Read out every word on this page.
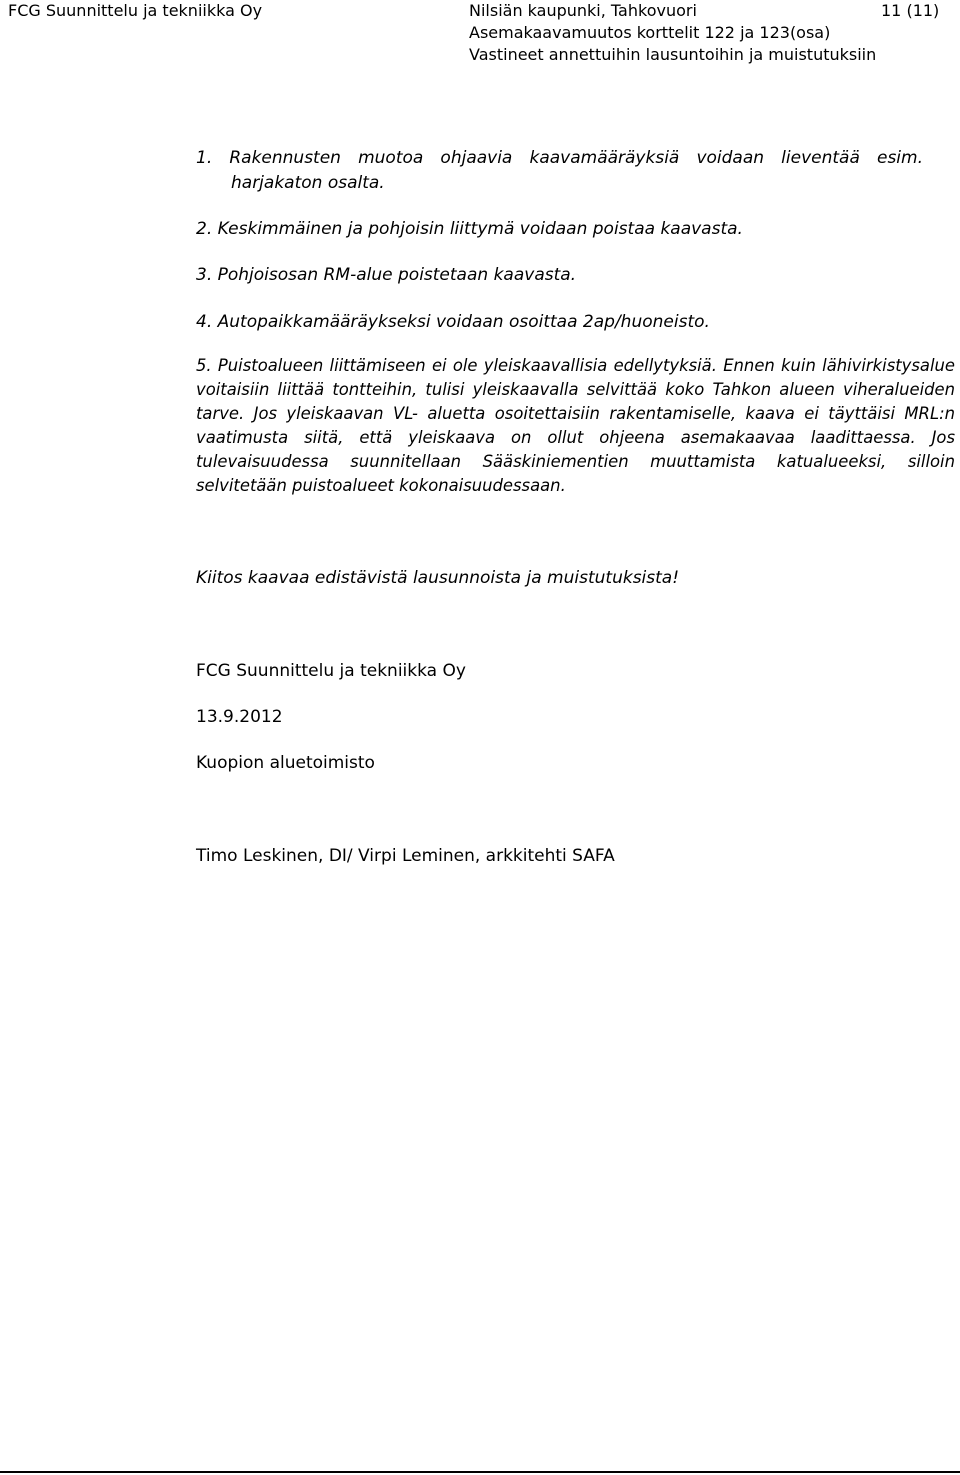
FCG Suunnittelu ja tekniikka Oy	Nilsiän kaupunki, Tahkovuori	11 (11)
Asemakaavamuutos korttelit 122 ja 123(osa)
Vastineet annettuihin lausuntoihin ja muistutuksiin
1. Rakennusten muotoa ohjaavia kaavamääräyksiä voidaan lieventää esim.
harjakaton osalta.
2. Keskimmäinen ja pohjoisin liittymä voidaan poistaa kaavasta.
3. Pohjoisosan RM-alue poistetaan kaavasta.
4. Autopaikkamääräykseksi voidaan osoittaa 2ap/huoneisto.
5. Puistoalueen liittämiseen ei ole yleiskaavallisia edellytyksiä. Ennen kuin lähivirkistysalue voitaisiin liittää tontteihin, tulisi yleiskaavalla selvittää koko Tahkon alueen viheralueiden tarve. Jos yleiskaavan VL- aluetta osoitettaisiin rakentamiselle, kaava ei täyttäisi MRL:n vaatimusta siitä, että yleiskaava on ollut ohjeena asemakaavaa laadittaessa. Jos tulevaisuudessa suunnitellaan Sääskiniementien muuttamista katualueeksi, silloin selvitetään puistoalueet kokonaisuudessaan.
Kiitos kaavaa edistävistä lausunnoista ja muistutuksista!
FCG Suunnittelu ja tekniikka Oy
13.9.2012
Kuopion aluetoimisto
Timo Leskinen, DI/ Virpi Leminen, arkkitehti SAFA
